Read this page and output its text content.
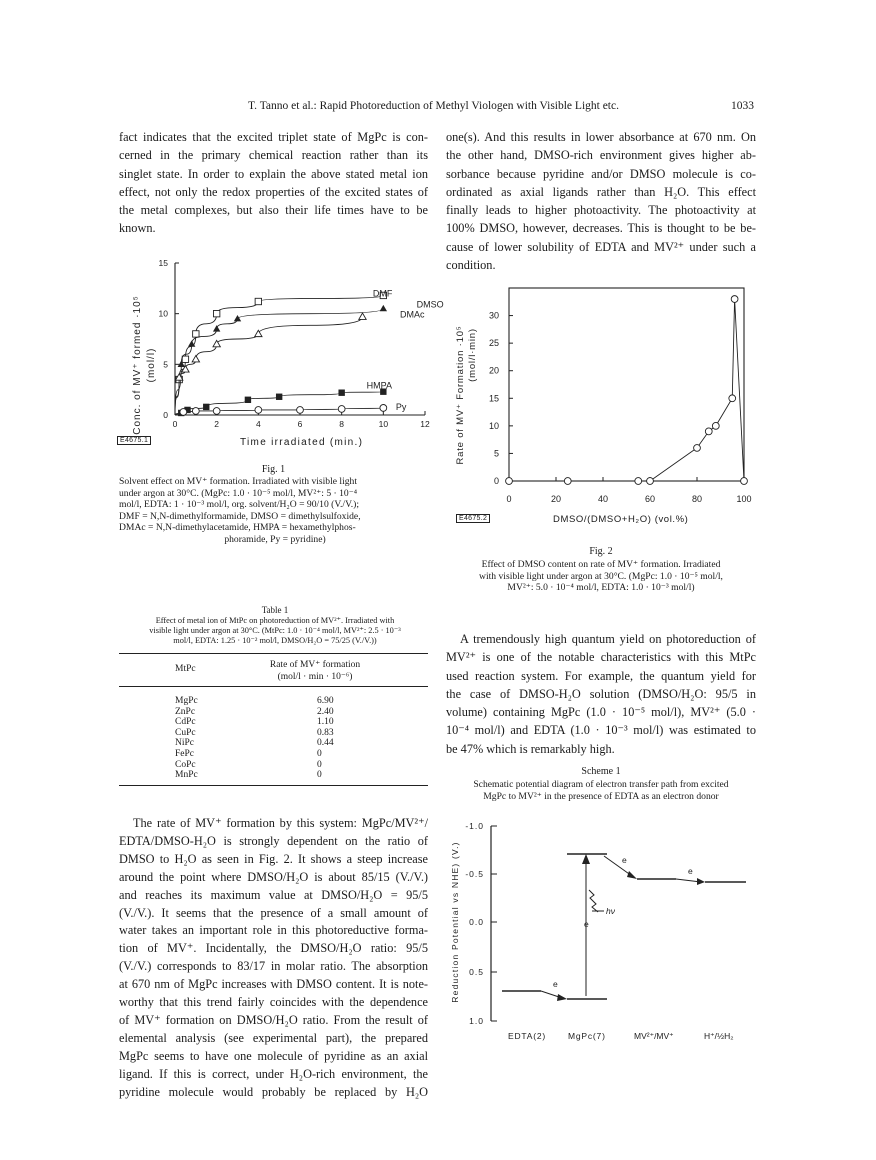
T. Tanno et al.: Rapid Photoreduction of Methyl Viologen with Visible Light etc.	1033
fact indicates that the excited triplet state of MgPc is con-
cerned in the primary chemical reaction rather than its
singlet state. In order to explain the above stated metal ion
effect, not only the redox properties of the excited states of
the metal complexes, but also their life times have to be
known.
one(s). And this results in lower absorbance at 670 nm. On
the other hand, DMSO-rich environment gives higher ab-
sorbance because pyridine and/or DMSO molecule is co-
ordinated as axial ligands rather than H₂O. This effect
finally leads to higher photoactivity. The photoactivity at
100% DMSO, however, decreases. This is thought to be be-
cause of lower solubility of EDTA and MV²⁺ under such a
condition.
0	2	4	6	8	10	12
0
5
10
15
DMF
DMSO
DMAc
HMPA
Py
Conc. of MV⁺ formed ·10⁵ (mol/l)
E4675.1	Time irradiated (min.)
Fig. 1
Solvent effect on MV⁺ formation. Irradiated with visible light
under argon at 30°C. (MgPc: 1.0 · 10⁻⁵ mol/l, MV²⁺: 5 · 10⁻⁴
mol/l, EDTA: 1 · 10⁻³ mol/l, org. solvent/H₂O = 90/10 (V./V.);
DMF = N,N-dimethylformamide, DMSO = dimethylsulfoxide,
DMAc = N,N-dimethylacetamide, HMPA = hexamethylphos-
phoramide, Py = pyridine)
Table 1
Effect of metal ion of MtPc on photoreduction of MV²⁺. Irradiated with
visible light under argon at 30°C. (MtPc: 1.0 · 10⁻⁴ mol/l, MV²⁺: 2.5 · 10⁻³
mol/l, EDTA: 1.25 · 10⁻² mol/l, DMSO/H₂O = 75/25 (V./V.))
MtPc	Rate of MV⁺ formation
(mol/l · min · 10⁻⁶)
MgPc	6.90
ZnPc	2.40
CdPc	1.10
CuPc	0.83
NiPc	0.44
FePc	0
CoPc	0
MnPc	0
The rate of MV⁺ formation by this system: MgPc/MV²⁺/
EDTA/DMSO-H₂O is strongly dependent on the ratio of
DMSO to H₂O as seen in Fig. 2. It shows a steep increase
around the point where DMSO/H₂O is about 85/15 (V./V.)
and reaches its maximum value at DMSO/H₂O = 95/5
(V./V.). It seems that the presence of a small amount of
water takes an important role in this photoreductive forma-
tion of MV⁺. Incidentally, the DMSO/H₂O ratio: 95/5
(V./V.) corresponds to 83/17 in molar ratio. The absorption
at 670 nm of MgPc increases with DMSO content. It is note-
worthy that this trend fairly coincides with the dependence
of MV⁺ formation on DMSO/H₂O ratio. From the result of
elemental analysis (see experimental part), the prepared
MgPc seems to have one molecule of pyridine as an axial
ligand. If this is correct, under H₂O-rich environment, the
pyridine molecule would probably be replaced by H₂O
0	20	40	60	80	100
0
5
10
15
20
25
30
Rate of MV⁺ Formation ·10⁵ (mol/l·min)
E4675.2	DMSO/(DMSO+H₂O) (vol.%)
Fig. 2
Effect of DMSO content on rate of MV⁺ formation. Irradiated
with visible light under argon at 30°C. (MgPc: 1.0 · 10⁻⁵ mol/l,
MV²⁺: 5.0 · 10⁻⁴ mol/l, EDTA: 1.0 · 10⁻³ mol/l)
A tremendously high quantum yield on photoreduction of
MV²⁺ is one of the notable characteristics with this MtPc
used reaction system. For example, the quantum yield for
the case of DMSO-H₂O solution (DMSO/H₂O: 95/5 in
volume) containing MgPc (1.0 · 10⁻⁵ mol/l), MV²⁺ (5.0 ·
10⁻⁴ mol/l) and EDTA (1.0 · 10⁻³ mol/l) was estimated to
be 47% which is remarkably high.
Scheme 1
Schematic potential diagram of electron transfer path from excited
MgPc to MV²⁺ in the presence of EDTA as an electron donor
-1.0
-0.5
0.0
0.5
1.0
Reduction Potential vs NHE) (V.)	hν
e
e
e
e
EDTA(2)	MgPc(7)	MV²⁺/MV⁺	H⁺/½H₂
